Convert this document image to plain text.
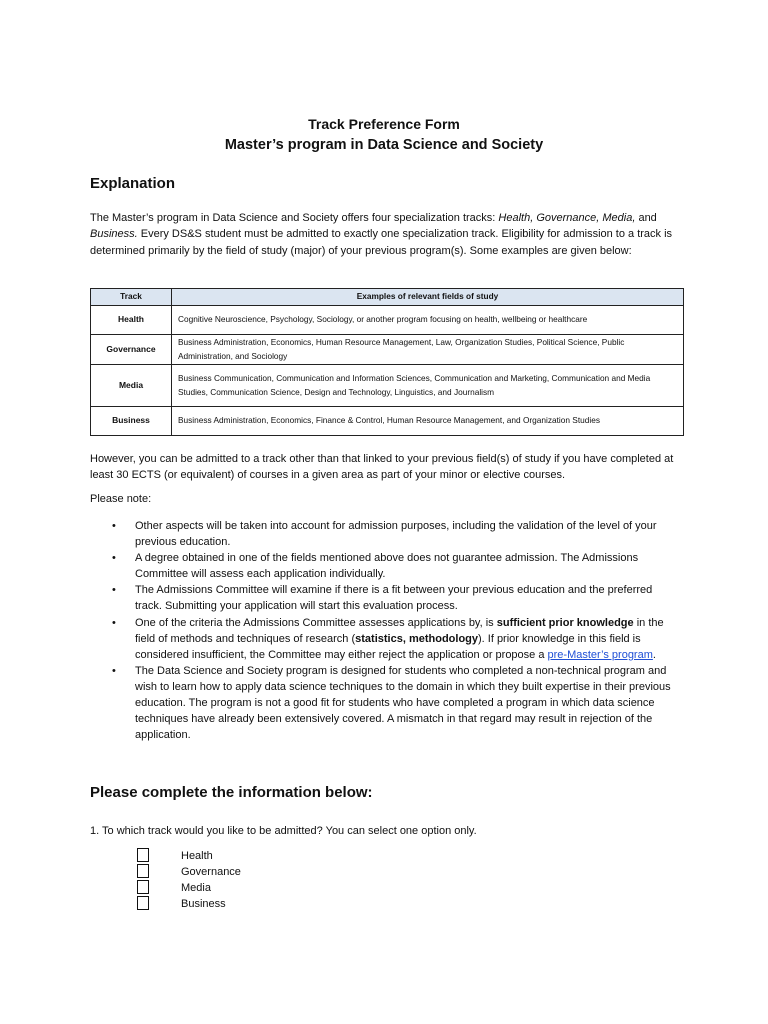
Track Preference Form
Master’s program in Data Science and Society
Explanation
The Master’s program in Data Science and Society offers four specialization tracks: Health, Governance, Media, and Business. Every DS&S student must be admitted to exactly one specialization track. Eligibility for admission to a track is determined primarily by the field of study (major) of your previous program(s). Some examples are given below:
Track	Examples of relevant fields of study
Health	Cognitive Neuroscience, Psychology, Sociology, or another program focusing on health, wellbeing or healthcare
Governance	Business Administration, Economics, Human Resource Management, Law, Organization Studies, Political Science, Public Administration, and Sociology
Media	Business Communication, Communication and Information Sciences, Communication and Marketing, Communication and Media Studies, Communication Science, Design and Technology, Linguistics, and Journalism
Business	Business Administration, Economics, Finance & Control, Human Resource Management, and Organization Studies
However, you can be admitted to a track other than that linked to your previous field(s) of study if you have completed at least 30 ECTS (or equivalent) of courses in a given area as part of your minor or elective courses.
Please note:
• Other aspects will be taken into account for admission purposes, including the validation of the level of your previous education.
• A degree obtained in one of the fields mentioned above does not guarantee admission. The Admissions Committee will assess each application individually.
• The Admissions Committee will examine if there is a fit between your previous education and the preferred track. Submitting your application will start this evaluation process.
• One of the criteria the Admissions Committee assesses applications by, is sufficient prior knowledge in the field of methods and techniques of research (statistics, methodology). If prior knowledge in this field is considered insufficient, the Committee may either reject the application or propose a pre-Master’s program.
• The Data Science and Society program is designed for students who completed a non-technical program and wish to learn how to apply data science techniques to the domain in which they built expertise in their previous education. The program is not a good fit for students who have completed a program in which data science techniques have already been extensively covered. A mismatch in that regard may result in rejection of the application.
Please complete the information below:
1. To which track would you like to be admitted? You can select one option only.
Health
Governance
Media
Business
